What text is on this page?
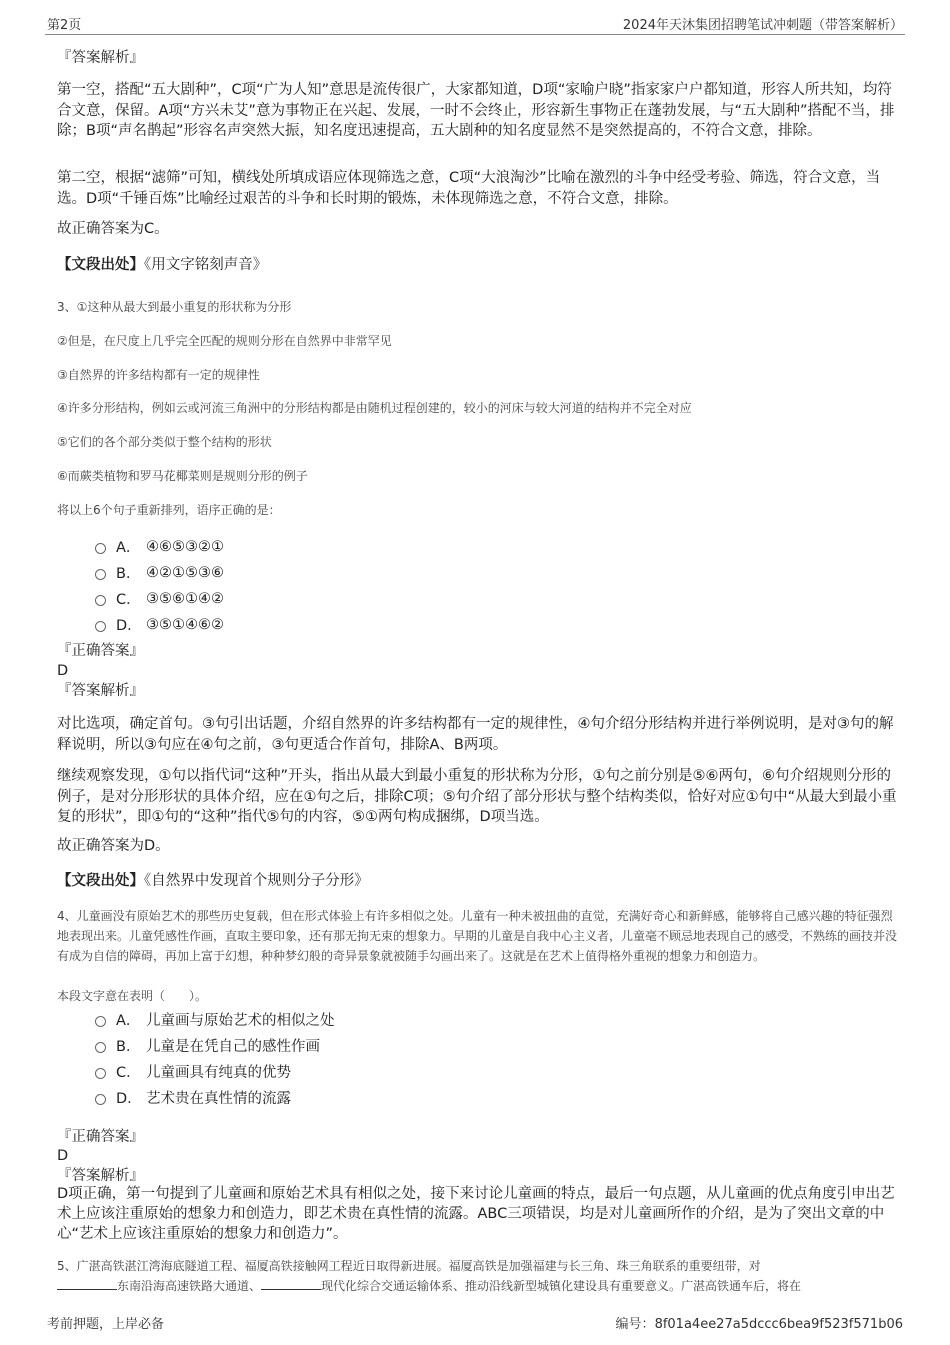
第2页	2024年天沐集团招聘笔试冲刺题（带答案解析）

『答案解析』

第一空，搭配“五大剧种”，C项“广为人知”意思是流传很广，大家都知道，D项“家喻户晓”指家家户户都知道，形容人所共知，均符合文意，保留。A项“方兴未艾”意为事物正在兴起、发展，一时不会终止，形容新生事物正在蓬勃发展，与“五大剧种”搭配不当，排除；B项“声名鹊起”形容名声突然大振，知名度迅速提高，五大剧种的知名度显然不是突然提高的，不符合文意，排除。

第二空，根据“滤筛”可知，横线处所填成语应体现筛选之意，C项“大浪淘沙”比喻在激烈的斗争中经受考验、筛选，符合文意，当选。D项“千锤百炼”比喻经过艰苦的斗争和长时期的锻炼，未体现筛选之意，不符合文意，排除。

故正确答案为C。

【文段出处】《用文字铭刻声音》

3、①这种从最大到最小重复的形状称为分形

②但是，在尺度上几乎完全匹配的规则分形在自然界中非常罕见

③自然界的许多结构都有一定的规律性

④许多分形结构，例如云或河流三角洲中的分形结构都是由随机过程创建的，较小的河床与较大河道的结构并不完全对应

⑤它们的各个部分类似于整个结构的形状

⑥而蕨类植物和罗马花椰菜则是规则分形的例子

将以上6个句子重新排列，语序正确的是：

A． ④⑥⑤③②①
B． ④②①⑤③⑥
C． ③⑤⑥①④②
D． ③⑤①④⑥②

『正确答案』

D

『答案解析』

对比选项，确定首句。③句引出话题，介绍自然界的许多结构都有一定的规律性，④句介绍分形结构并进行举例说明，是对③句的解释说明，所以③句应在④句之前，③句更适合作首句，排除A、B两项。

继续观察发现，①句以指代词“这种”开头，指出从最大到最小重复的形状称为分形，①句之前分别是⑤⑥两句，⑥句介绍规则分形的例子，是对分形形状的具体介绍，应在①句之后，排除C项；⑤句介绍了部分形状与整个结构类似，恰好对应①句中“从最大到最小重复的形状”，即①句的“这种”指代⑤句的内容，⑤①两句构成捆绑，D项当选。

故正确答案为D。

【文段出处】《自然界中发现首个规则分子分形》

4、儿童画没有原始艺术的那些历史复载，但在形式体验上有许多相似之处。儿童有一种未被扭曲的直觉，充满好奇心和新鲜感，能够将自己感兴趣的特征强烈地表现出来。儿童凭感性作画，直取主要印象，还有那无拘无束的想象力。早期的儿童是自我中心主义者，儿童毫不顾忌地表现自己的感受，不熟练的画技并没有成为自信的障碍，再加上富于幻想，种种梦幻般的奇异景象就被随手勾画出来了。这就是在艺术上值得格外重视的想象力和创造力。

本段文字意在表明（　　）。

A． 儿童画与原始艺术的相似之处
B． 儿童是在凭自己的感性作画
C． 儿童画具有纯真的优势
D． 艺术贵在真性情的流露

『正确答案』

D

『答案解析』

D项正确，第一句提到了儿童画和原始艺术具有相似之处，接下来讨论儿童画的特点，最后一句点题，从儿童画的优点角度引申出艺术上应该注重原始的想象力和创造力，即艺术贵在真性情的流露。ABC三项错误，均是对儿童画所作的介绍，是为了突出文章的中心“艺术上应该注重原始的想象力和创造力”。

5、广湛高铁湛江湾海底隧道工程、福厦高铁接触网工程近日取得新进展。福厦高铁是加强福建与长三角、珠三角联系的重要纽带，对
东南沿海高速铁路大通道、	现代化综合交通运输体系、推动沿线新型城镇化建设具有重要意义。广湛高铁通车后，将在

考前押题，上岸必备	编号：8f01a4ee27a5dccc6bea9f523f571b06
